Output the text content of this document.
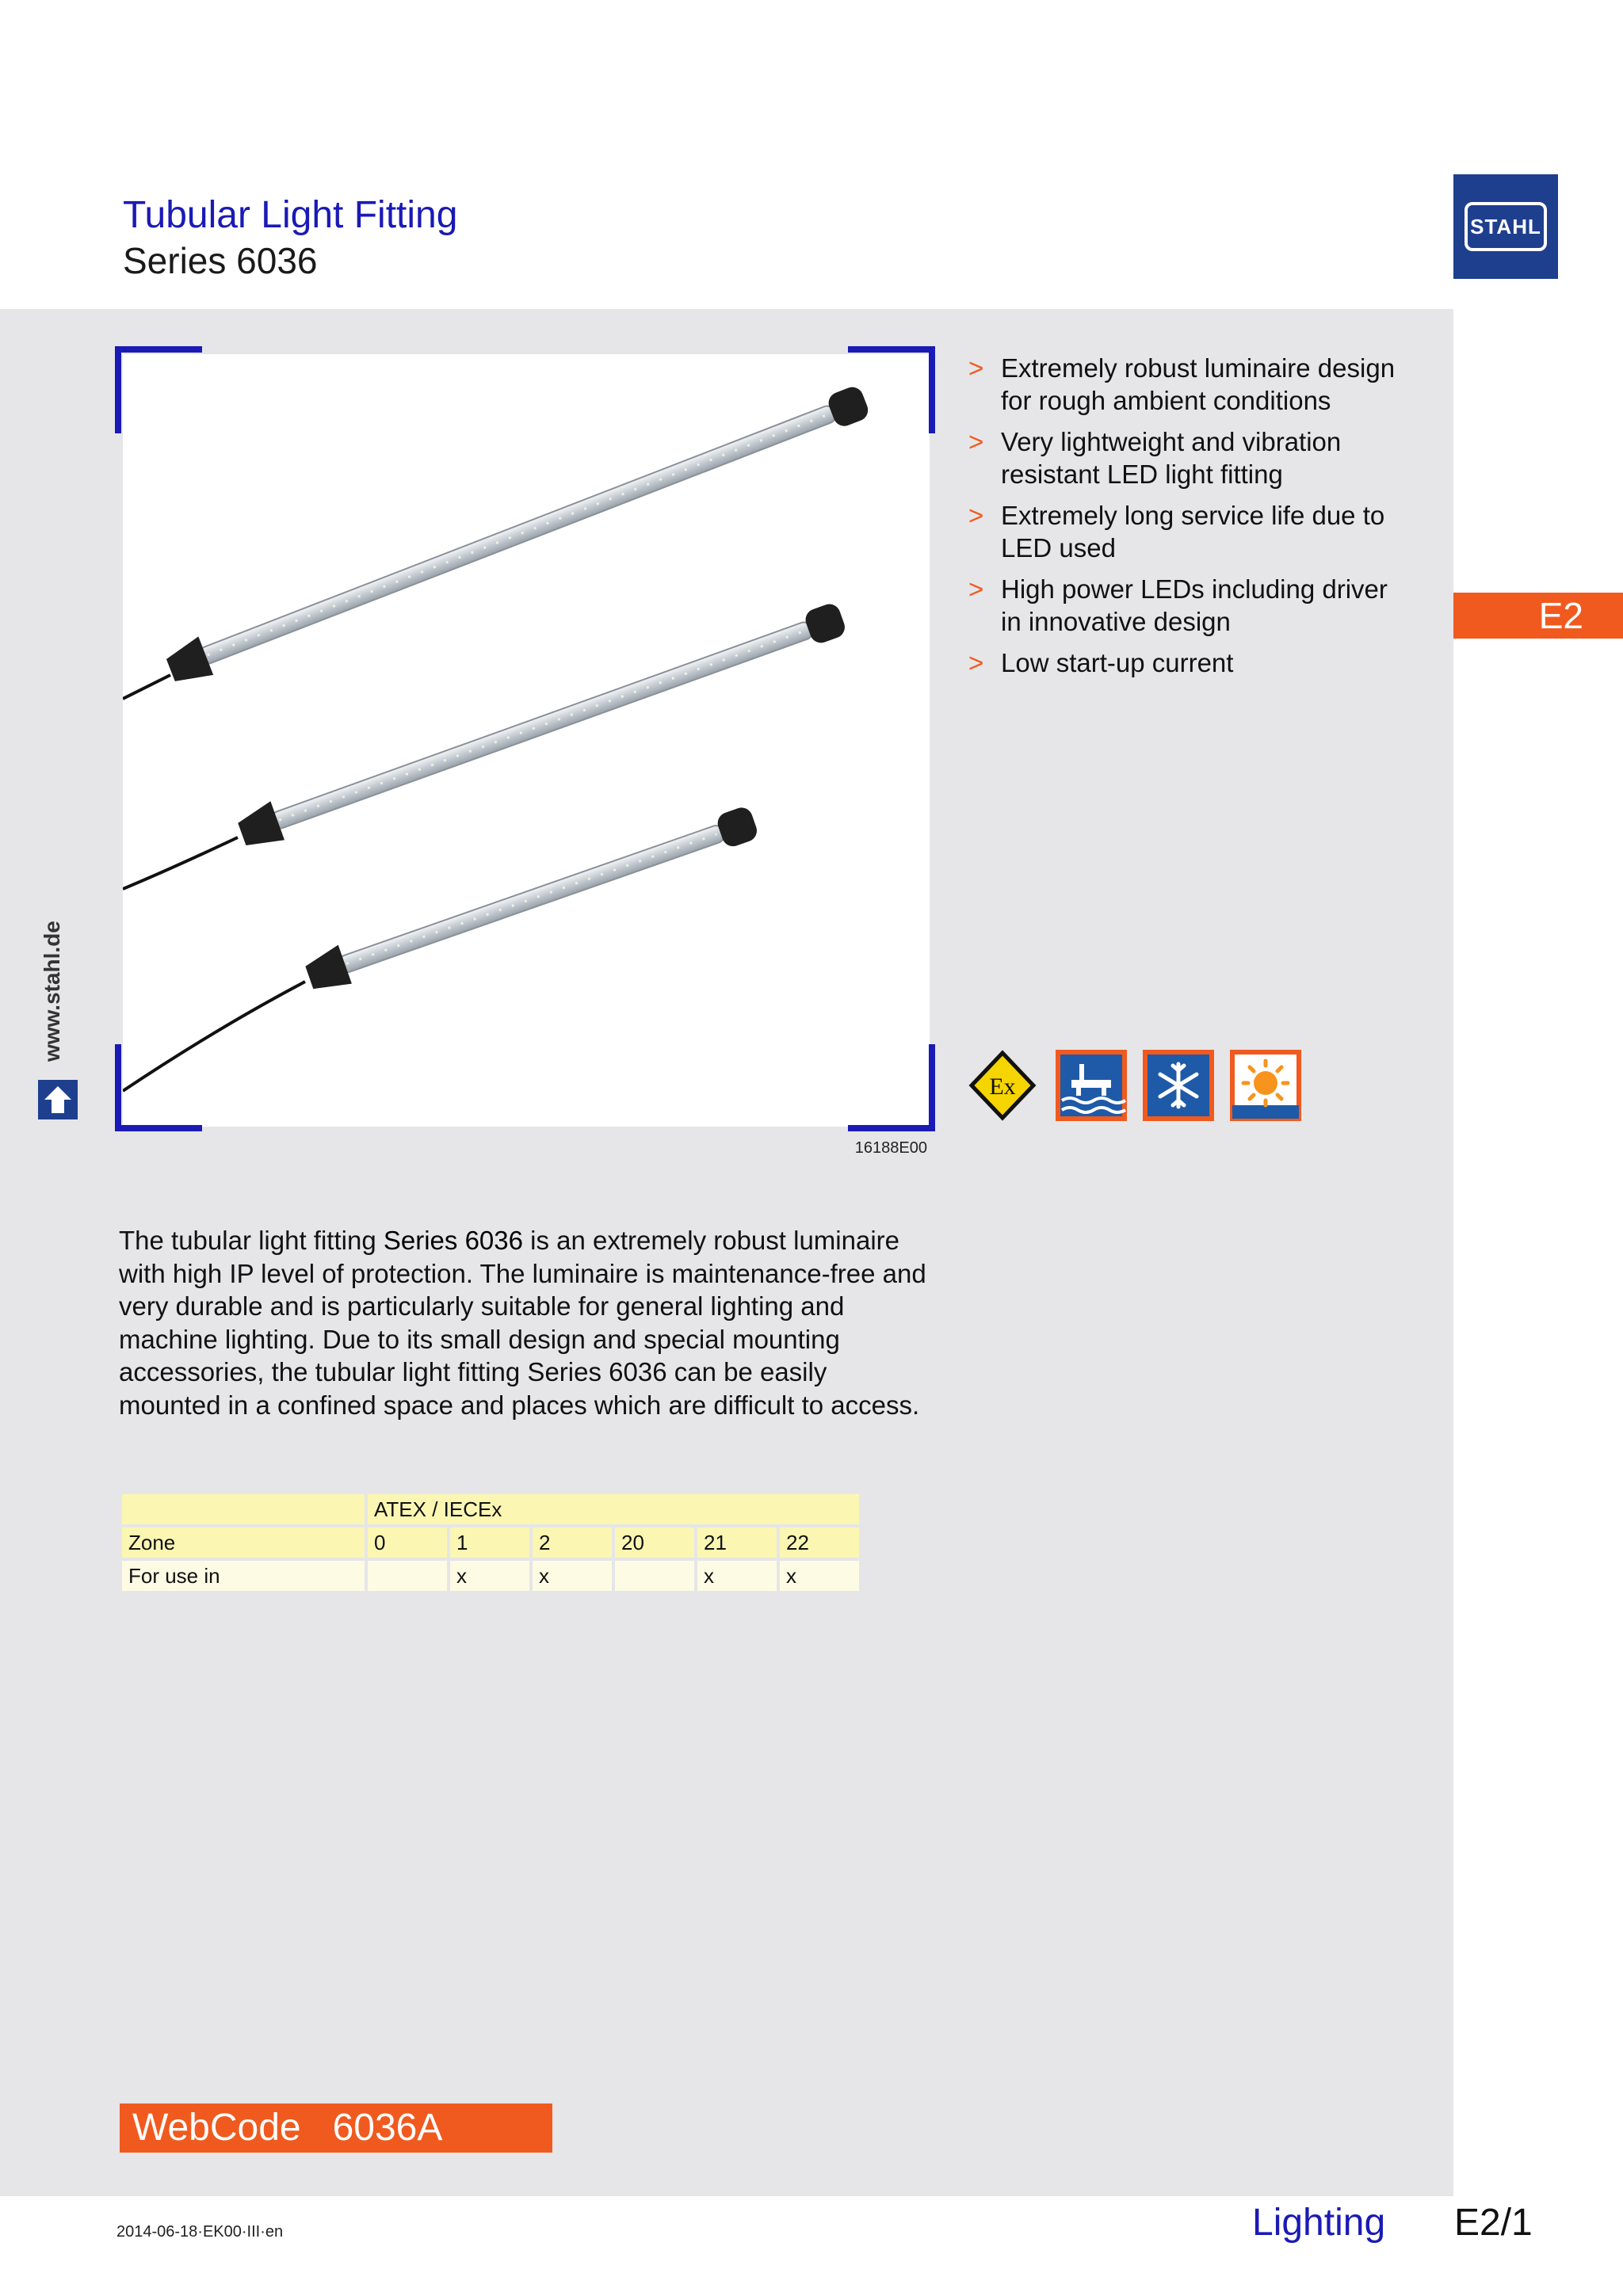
Tubular Light Fitting
Series 6036
STAHL
E2
www.stahl.de
16188E00
> Extremely robust luminaire design for rough ambient conditions
> Very lightweight and vibration resistant LED light fitting
> Extremely long service life due to LED used
> High power LEDs including driver in innovative design
> Low start-up current
Ex
The tubular light fitting Series 6036 is an extremely robust luminaire with high IP level of protection. The luminaire is maintenance-free and very durable and is particularly suitable for general lighting and machine lighting. Due to its small design and special mounting accessories, the tubular light fitting Series 6036 can be easily mounted in a confined space and places which are difficult to access.
	ATEX / IECEx					
Zone	0	1	2	20	21	22
For use in		x	x		x	x
WebCode   6036A
2014-06-18·EK00·III·en	Lighting E2/1
